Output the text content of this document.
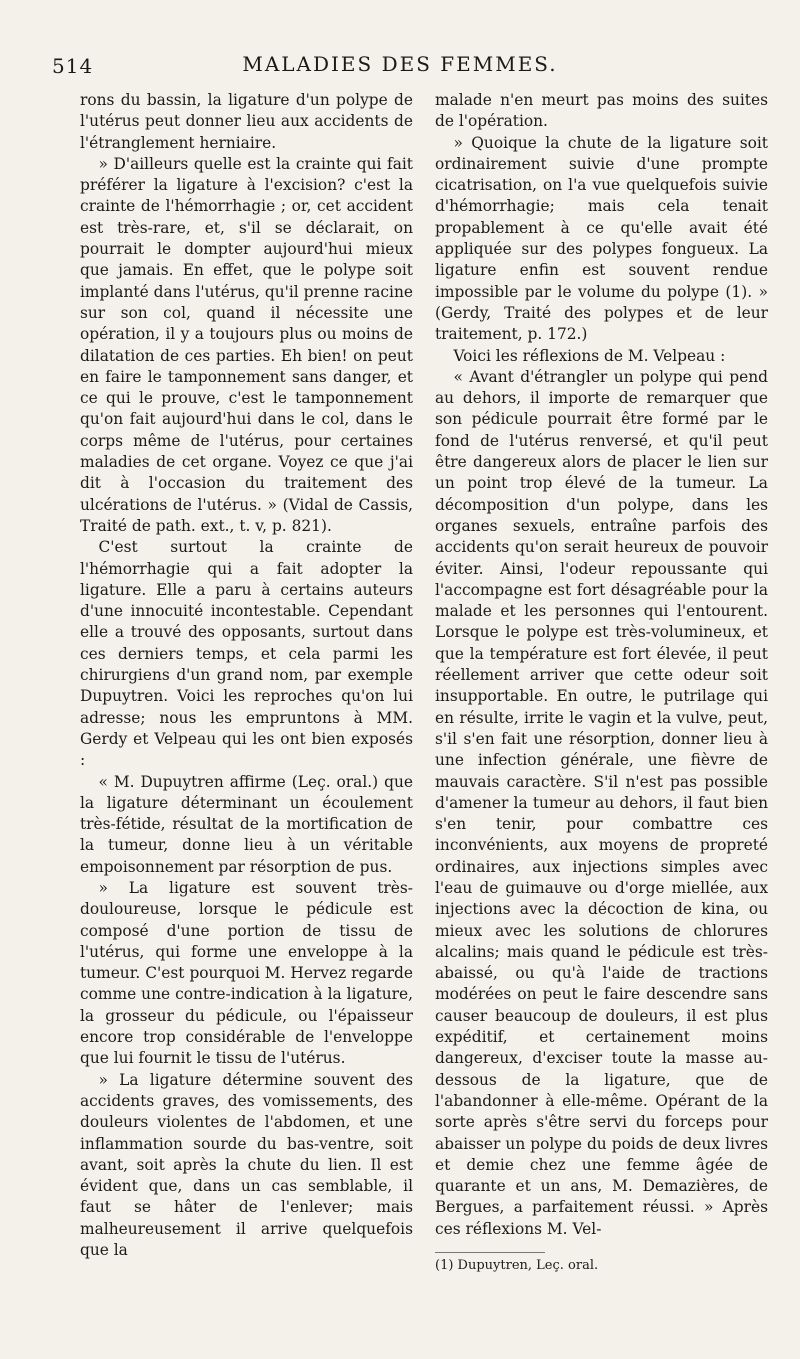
514	MALADIES DES FEMMES.

rons du bassin, la ligature d'un polype de l'utérus peut donner lieu aux accidents de l'étranglement herniaire.

» D'ailleurs quelle est la crainte qui fait préférer la ligature à l'excision? c'est la crainte de l'hémorrhagie ; or, cet accident est très-rare, et, s'il se déclarait, on pourrait le dompter aujourd'hui mieux que jamais. En effet, que le polype soit implanté dans l'utérus, qu'il prenne racine sur son col, quand il nécessite une opération, il y a toujours plus ou moins de dilatation de ces parties. Eh bien! on peut en faire le tamponnement sans danger, et ce qui le prouve, c'est le tamponnement qu'on fait aujourd'hui dans le col, dans le corps même de l'utérus, pour certaines maladies de cet organe. Voyez ce que j'ai dit à l'occasion du traitement des ulcérations de l'utérus. » (Vidal de Cassis, Traité de path. ext., t. v, p. 821).

C'est surtout la crainte de l'hémorrhagie qui a fait adopter la ligature. Elle a paru à certains auteurs d'une innocuité incontestable. Cependant elle a trouvé des opposants, surtout dans ces derniers temps, et cela parmi les chirurgiens d'un grand nom, par exemple Dupuytren. Voici les reproches qu'on lui adresse; nous les empruntons à MM. Gerdy et Velpeau qui les ont bien exposés :

« M. Dupuytren affirme (Leç. oral.) que la ligature déterminant un écoulement très-fétide, résultat de la mortification de la tumeur, donne lieu à un véritable empoisonnement par résorption de pus.

» La ligature est souvent très-douloureuse, lorsque le pédicule est composé d'une portion de tissu de l'utérus, qui forme une enveloppe à la tumeur. C'est pourquoi M. Hervez regarde comme une contre-indication à la ligature, la grosseur du pédicule, ou l'épaisseur encore trop considérable de l'enveloppe que lui fournit le tissu de l'utérus.

» La ligature détermine souvent des accidents graves, des vomissements, des douleurs violentes de l'abdomen, et une inflammation sourde du bas-ventre, soit avant, soit après la chute du lien. Il est évident que, dans un cas semblable, il faut se hâter de l'enlever; mais malheureusement il arrive quelquefois que la

malade n'en meurt pas moins des suites de l'opération.

» Quoique la chute de la ligature soit ordinairement suivie d'une prompte cicatrisation, on l'a vue quelquefois suivie d'hémorrhagie; mais cela tenait propablement à ce qu'elle avait été appliquée sur des polypes fongueux. La ligature enfin est souvent rendue impossible par le volume du polype (1). » (Gerdy, Traité des polypes et de leur traitement, p. 172.)

Voici les réflexions de M. Velpeau :

« Avant d'étrangler un polype qui pend au dehors, il importe de remarquer que son pédicule pourrait être formé par le fond de l'utérus renversé, et qu'il peut être dangereux alors de placer le lien sur un point trop élevé de la tumeur. La décomposition d'un polype, dans les organes sexuels, entraîne parfois des accidents qu'on serait heureux de pouvoir éviter. Ainsi, l'odeur repoussante qui l'accompagne est fort désagréable pour la malade et les personnes qui l'entourent. Lorsque le polype est très-volumineux, et que la température est fort élevée, il peut réellement arriver que cette odeur soit insupportable. En outre, le putrilage qui en résulte, irrite le vagin et la vulve, peut, s'il s'en fait une résorption, donner lieu à une infection générale, une fièvre de mauvais caractère. S'il n'est pas possible d'amener la tumeur au dehors, il faut bien s'en tenir, pour combattre ces inconvénients, aux moyens de propreté ordinaires, aux injections simples avec l'eau de guimauve ou d'orge miellée, aux injections avec la décoction de kina, ou mieux avec les solutions de chlorures alcalins; mais quand le pédicule est très-abaissé, ou qu'à l'aide de tractions modérées on peut le faire descendre sans causer beaucoup de douleurs, il est plus expéditif, et certainement moins dangereux, d'exciser toute la masse au-dessous de la ligature, que de l'abandonner à elle-même. Opérant de la sorte après s'être servi du forceps pour abaisser un polype du poids de deux livres et demie chez une femme âgée de quarante et un ans, M. Demazières, de Bergues, a parfaitement réussi. » Après ces réflexions M. Vel-

(1) Dupuytren, Leç. oral.
